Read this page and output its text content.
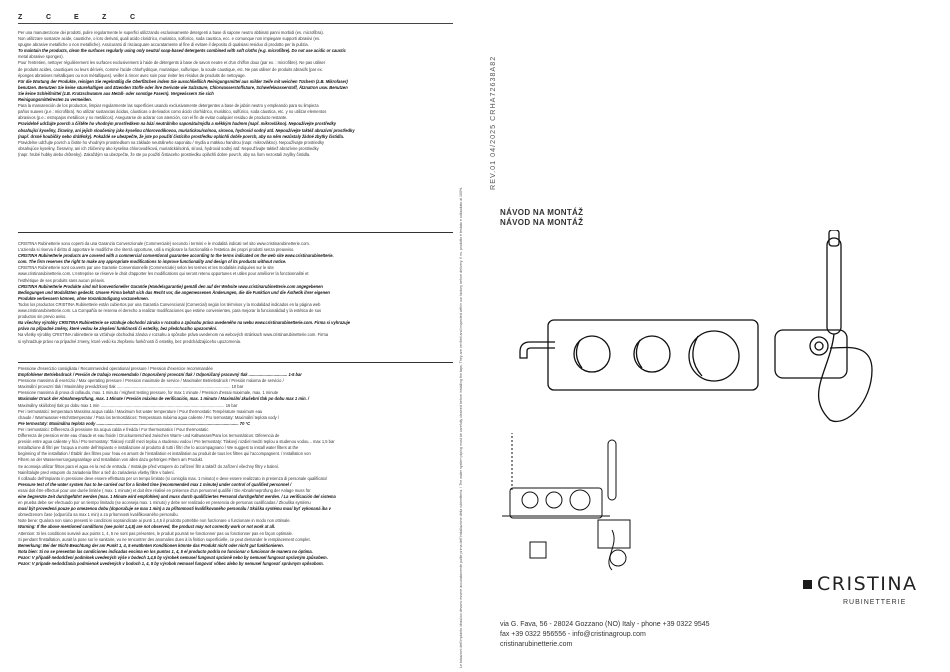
Z	C	E	Z	Č

Per una manutenzione dei prodotti, pulire regolarmente le superfici utilizzando esclusivamente detergenti a base di sapone neutro abbinati panni morbidi (es. microfibra).

Non utilizzare sostanze acide, caustiche, o loro derivati, quali acido cloridrico, muriatico, solforico, soda caustica, ecc. e comunque non impiegare supporti abrasivi (es.

spugne abrasive metalliche o non metalliche). Assicurarsi di risciacquare accuratamente al fine di evitare il deposito di qualsiasi residuo di prodotto per la pulizia.

To maintain the products, clean the surfaces regularly using only neutral soap-based detergents combined with soft cloths (e.g. microfibre). Do not use acidic or caustic

metal abrasive sponges).

Pour l'entretien, nettoyer régulièrement les surfaces exclusivement à l'aide de détergents à base de savon neutre et d'un chiffon doux (par ex. : microfibre). Ne pas utiliser

de produits acides, caustiques ou leurs dérivés, comme l'acide chlorhydrique, muriatique, sulfurique, la soude caustique, etc. Ne pas utiliser de produits abrasifs (par ex.

éponges abrasives métalliques ou non métalliques). veiller à rincer avec soin pour éviter les résidus de produits de nettoyage.

Für die Wartung der Produkte, reinigen Sie regelmäßig die Oberflächen indem Sie ausschließlich Reinigungsmittel aus milder Seife mit weichen Tüchern (z.B. Mikrofaser)

benutzen. Benutzen Sie keine säurehaltigen und ätzenden Stoffe oder ihre Derivate wie Salzsäure, Chlorwasserstoffsäure, Schwefelwasserstoff, Ätznatron usw. Benutzen

Sie keine Schleifmittel (z.B. Kratzschwamm aus Metall- oder sonstige Fasern). Vergewissern Sie sich

Reinigungsmittelresten zu vermeiden.

Para la manutención de los productos, limpiar regularmente las superficies usando exclusivamente detergentes a base de jabón neutro y empleando para su limpieza

paños suaves (p.e.: microfibra). No utilizar sustancias ácidas, cáusticas o derivados como ácido clorhídrico, muriático, sulfúrico, soda cáustica, etc. y no utilizar elementos

abrasivos (p.e.: estropajos metálicos y no metálicos). Asegurarse de aclarar con atención, con el fin de evitar cualquier residuo de producto restante.

Pravidelně udržujte povrch a čištěte ho vhodným prostředkem na bázi neutrálního saponátu/mýdla a měkkým hadrem (např. mikrovlákno). Nepoužívejte prostředky

obsahující kyseliny, žíraviny, ani jejich sloučeniny jako kyselinu chlorovodíkovou, muriatickou/solnou, sírovou, hydroxid sodný atd. Nepoužívejte taktéž abrazivní prostředky

(např. drsné houbičky nebo drátěnky). Pokaždé se ubezpečte, že jste po použití čisticího prostředku opláchli dobře povrch, aby na něm nezůstaly žádné zbytky čistidla.

Pravidelne udržujte povrch a čistite ho vhodným prostriedkom na základe neutrálneho saponátu / mydla a mäkkou handrou (napr. mikrovlákno). Nepoužívajte prostriedky

obsahujúce kyseliny, žieraviny, ani ich zlúčeniny ako kyselina chlorovodíková, muriatická/solná, sírová, hydroxid sodný atď. Nepoužívajte taktiež abrazívne prostriedky

(napr. hrubé hubky alebo drôtenky). Zakaždým sa ubezpečte, že ste po použití čistiaceho prostriedku opláchli dobre povrch, aby na ňom nezostali zvyšky čistidla.

CRISTINA Rubinetterie sono coperti da una Garanzia Convenzionale (Commerciale) secondo i termini e le modalità indicati nel sito www.cristinarubinetterie.com.

L'azienda si riserva il diritto di apportare le modifiche che riterrà opportune, utili a migliorare la funzionalità e l'estetica dei propri prodotti senza preavviso.

CRISTINA Rubinetterie products are covered with a commercial conventional guarantee according to the terms indicated on the web site www.cristinarubinetterie.

com. The firm reserves the right to make any appropriate modifications to improve functionality and design of its products without notice.

CRISTINA Rubinetterie sont couverts par une Garantie Conventionnelle (Commerciale) selon les termes et les modalités indiquées sur le site

www.cristinarubinetterie.com. L'entreprise se réserve le droit d'apporter les modifications qui seront retenu opportunes et utiles pour améliorer la fonctionnalité et

l'esthétique de ses produits sans aucun préavis.

CRISTINA Rubinetterie Produkte sind mit konventioneller Garantie (Handelsgarantie) gemäß den auf der Website www.cristinarubinetterie.com angegebenen

Bedingungen und Modalitäten gedeckt. Unsere Firma behält sich das Recht vor, die angemessenen Änderungen, die die Funktion und die Ästhetik ihrer eigenen

Produkte verbessern können, ohne Vorankündigung vorzunehmen.

Todos los productos CRISTINA Rubinetterie están cubiertos por una Garantía Convencional (Comercial) según los términos y la modalidad indicados en la página web

www.cristinarubinetterie.com. La Compañía se reserva el derecho a realizar modificaciones que estime convenientes, para mejorar la funcionalidad y la estética de sus

productos sin previo aviso.

Na všechny výrobky CRISTINA Rubinetterie se vztahuje obchodní záruka v rozsahu a způsobu práva uvedeného na webu www.cristinarubinetterie.com. Firma si vyhrazuje

právo na případné změny, které vedou ke zlepšení funkčnosti či estetiky, bez předchozího upozornění.

Na všetky výrobky CRISTINA rubinetterie sa vzťahuje obchodná záruka v rozsahu a spôsobe práva uvedenom na webových stránkach www.cristinarubinetterie.com. Firma

si vyhradzuje právo na prípadné zmeny, ktoré vedú ku zlepšeniu funkčnosti či estetiky, bez predchádzajúceho upozornenia.

Pressione d'esercizio consigliata / Recommended operational pressure / Pression d'exercice recommandée

Empfohlener Betriebsdruck / Presión de trabajo recomendado / Doporučený provozní tlak / Odporúčaný pracovný tlak .................................. 1-5 bar

Pressione massima di esercizio / Max operating pressure / Pression maximale de service / Maximaler Betriebsdruck / Presión máxima de servicio /

Maximální provozní tlak / Maximálny prevádzkový tlak .................................................................................................... 10 bar

Pressione massima di prova di collaudo, max. 1 minuto / Highest testing pressure, for max 1 minute / Pression d'essai maximale, max. 1 minute

Maximaler Druck der Abnahmeprüfung, max. 1 Minute / Presión máxima de verificación, max. 1 minuto / Maximální zkušební tlak po dobu max 1 min. /

Maximálny skúšobný tlak po dobu max 1 min ............................................................................................................. 16 bar

Per i termostatici: temperatura Massima acqua calda / Maximum hot water temperature / Pour thermostatic Température maximum eau

chaude / Warmwasser-Höchsttemperatur / Para los termostáticos: Temperatura máxima agua caliente / Pro termostaty: Maximální teplota vody /

Pre termostaty: Maximálna teplota vody ............................................................................................................................. 70 °C

Per i termostatici: Differenza di pressione tra acqua calda e fredda / For thermostatics / Pour thermostatic

Differenza de pression entre eau chaude et eau froide / Druckunterschied zwischen Warm- und Kaltwasser/Para los termostáticos: Diferencia de

presión entre agua caliente y fría / Pro termostaty: Tlakový rozdíl mezi teplou a studenou vodou / Pre termostaty: Tlakový rozdiel medzi teplou a studenou vodou... max 1,5 bar

Installazione di filtri per l'acqua a monte dell'impianto e installazione al prodotto di tutti i filtri che lo accompagnano / We suggest to install water filters at the

beginning of the installation / Établir des filtres pour l'eau en amont de l'installation et installation au produit de tous les filtres qui l'accompagnent. / Installation von

Filtern an der Wasserversorgungsanlage und Installation von allen dazu gehörigen Filtern am Produkt.

Se aconseja utilizar filtros para el agua en la red de entrada. / Instalujte před vstupem do zařízení filtr a taktéž do zařízení všechny filtry v balení.

Nainštalujte pred vstupom do zariadenia filter a tiež do zariadenia všetky filtre v balení.

Il collaudo dell'impianto in pressione deve essere effettuato per un tempo limitato (si consiglia max. 1 minuto) e deve essere realizzato in presenza di personale qualificato/

Pressure test of the water system has to be carried out for a limited time (recommended max 1 minute) under control of qualified personnel /

essai doit être effectué pour une durée limitée ( max. 1 minute) et doit être réalisé en présence d'un personnel qualifié / Die Abnahmeprüfung der Anlage muss für

eine begrenzte Zeit durchgeführt werden (max. 1 Minute wird empfohlen) und muss durch qualifiziertes Personal durchgeführt werden. / La verificación del sistema

en prueba debe ser efectuado por un tiempo limitado (se aconseja max. 1 minuto) y debe ser realizado en presencia de personas cualificadas / Zkouška systému

musí být provedená pouze po omezenou dobu (doporučuje se max 1 min) a za přítomnosti kvalifikovaného personálu / Skúška systému musí byť vykonaná iba v

obmedzenom čase (odporúča sa max 1 min) a za prítomnosti kvalifikovaného personálu.

Note bene: Qualora non siano presenti le condizioni sopraindicate ai punti 1,4,5 il prodotto potrebbe non funzionare o funzionare in modo non ottimale.

Warning: If the above mentioned conditions (see point 1,4,5) are not observed, the product may not correctly work or not work at all.

Attention: Si les conditions susvisé aux points 1, 4, 5 ne sont pas présentes, le produit pourrait ne fonctionner pas ou fonctionner pas en façon optimale.

Si pendant l'installation, aurait la pose sur le sanitaire, vu ne rencontrer des anomalies dues à la finition superficielle, ce peut demander le remplacement complet.

Bemerkung: Bei der Nicht-Beachtung der am Punkt 1, 4, 5 erwähnten Konditionen könnte das Produkt nicht oder nicht gut funktionieren.

Nota bien: Si no se presentan las condiciones indicadas encima en los puntos 1, 4, 5 el producto podría no funcionar o funcionar de manera no óptima.

Pozor: V případě nedodržení podmínek uvedených výše v bodech 1,4,5 by výrobek nemusel fungovat správně nebo by nemusel fungovat správným způsobem.

Pozor: V prípade nedodržania podmienok uvedených v bodoch 1, 4, 5 by výrobok nemusel fungovať vôbec alebo by nemusel fungovať správnym spôsobom.	Le tubazioni dell'impianto idraulico devono essere accuratamente pulite prima dell'installazione della rubinetteria. / The water system piping must be carefully cleaned before installing the taps. They are verified and inspected within our factory before delivery. Il ns. prodotto è testato e collaudato al 100%.
REV.01 04/2025 CRHA72638A82
NÁVOD NA MONTÁŽ
NÁVOD NA MONTÁŽ
CRISTINA
RUBINETTERIE
via G. Fava, 56 - 28024 Gozzano (NO) Italy - phone +39 0322 9545
fax +39 0322 956556 - info@cristinagroup.com
cristinarubinetterie.com
